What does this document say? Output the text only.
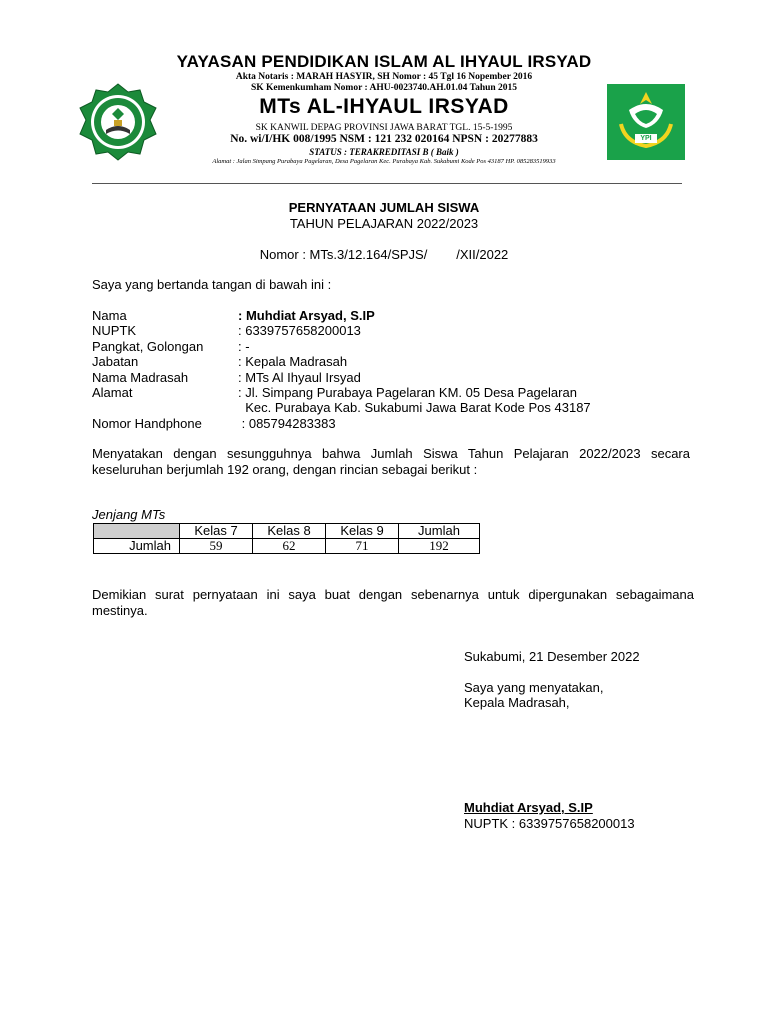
YPI
YAYASAN PENDIDIKAN ISLAM AL IHYAUL IRSYAD
Akta Notaris : MARAH HASYIR, SH Nomor : 45 Tgl 16 Nopember 2016
SK Kemenkumham Nomor : AHU-0023740.AH.01.04 Tahun 2015
MTs AL-IHYAUL IRSYAD
SK KANWIL DEPAG PROVINSI JAWA BARAT TGL. 15-5-1995
No. wi/I/HK 008/1995 NSM : 121 232 020164 NPSN : 20277883
STATUS : TERAKREDITASI B ( Baik )
Alamat : Jalan Simpang Purabaya Pagelaran, Desa Pagelaran Kec. Purabaya Kab. Sukabumi Kode Pos 43187 HP. 085283519933
PERNYATAAN JUMLAH SISWA
TAHUN PELAJARAN 2022/2023
Nomor : MTs.3/12.164/SPJS/        /XII/2022
Saya yang bertanda tangan di bawah ini :
Nama	: Muhdiat Arsyad, S.IP
NUPTK	: 6339757658200013
Pangkat, Golongan	: -
Jabatan	: Kepala Madrasah
Nama Madrasah	: MTs Al Ihyaul Irsyad
Alamat	: Jl. Simpang Purabaya Pagelaran KM. 05 Desa Pagelaran
Kec. Purabaya Kab. Sukabumi Jawa Barat Kode Pos 43187
Nomor Handphone	: 085794283383
Menyatakan dengan sesungguhnya bahwa Jumlah Siswa Tahun Pelajaran 2022/2023 secara keseluruhan berjumlah 192 orang, dengan rincian sebagai berikut :
Jenjang MTs
	Kelas 7	Kelas 8	Kelas 9	Jumlah
Jumlah	59	62	71	192
Demikian surat pernyataan ini saya buat dengan sebenarnya untuk dipergunakan sebagaimana mestinya.
Sukabumi, 21 Desember 2022
Saya yang menyatakan,
Kepala Madrasah,
Muhdiat Arsyad, S.IP
NUPTK : 6339757658200013
